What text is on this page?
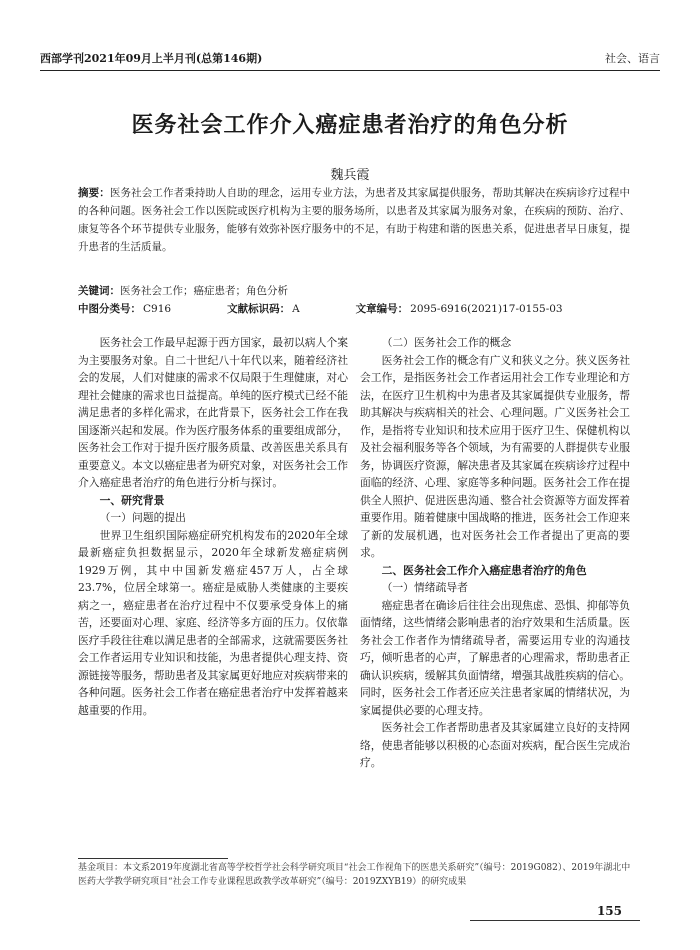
西部学刊2021年09月上半月刊(总第146期)	社会、语言
医务社会工作介入癌症患者治疗的角色分析
魏兵霞
摘要：医务社会工作者秉持助人自助的理念，运用专业方法，为患者及其家属提供服务，帮助其解决在疾病诊疗过程中的各种问题。医务社会工作以医院或医疗机构为主要的服务场所，以患者及其家属为服务对象，在疾病的预防、治疗、康复等各个环节提供专业服务，能够有效弥补医疗服务中的不足，有助于构建和谐的医患关系，促进患者早日康复，提升患者的生活质量。
关键词：医务社会工作；癌症患者；角色分析
中图分类号： C916	文献标识码： A	文章编号： 2095-6916(2021)17-0155-03

医务社会工作最早起源于西方国家，最初以病人个案为主要服务对象。自二十世纪八十年代以来，随着经济社会的发展，人们对健康的需求不仅局限于生理健康，对心理社会健康的需求也日益提高。单纯的医疗模式已经不能满足患者的多样化需求，在此背景下，医务社会工作在我国逐渐兴起和发展。作为医疗服务体系的重要组成部分，医务社会工作对于提升医疗服务质量、改善医患关系具有重要意义。本文以癌症患者为研究对象，对医务社会工作介入癌症患者治疗的角色进行分析与探讨。

一、研究背景

（一）问题的提出

世界卫生组织国际癌症研究机构发布的2020年全球最新癌症负担数据显示，2020年全球新发癌症病例1929万例，其中中国新发癌症457万人，占全球23.7%，位居全球第一。癌症是威胁人类健康的主要疾病之一，癌症患者在治疗过程中不仅要承受身体上的痛苦，还要面对心理、家庭、经济等多方面的压力。仅依靠医疗手段往往难以满足患者的全部需求，这就需要医务社会工作者运用专业知识和技能，为患者提供心理支持、资源链接等服务，帮助患者及其家属更好地应对疾病带来的各种问题。医务社会工作者在癌症患者治疗中发挥着越来越重要的作用。

（二）医务社会工作的概念

医务社会工作的概念有广义和狭义之分。狭义医务社会工作，是指医务社会工作者运用社会工作专业理论和方法，在医疗卫生机构中为患者及其家属提供专业服务，帮助其解决与疾病相关的社会、心理问题。广义医务社会工作，是指将专业知识和技术应用于医疗卫生、保健机构以及社会福利服务等各个领域，为有需要的人群提供专业服务，协调医疗资源，解决患者及其家属在疾病诊疗过程中面临的经济、心理、家庭等多种问题。医务社会工作在提供全人照护、促进医患沟通、整合社会资源等方面发挥着重要作用。随着健康中国战略的推进，医务社会工作迎来了新的发展机遇，也对医务社会工作者提出了更高的要求。

二、医务社会工作介入癌症患者治疗的角色

（一）情绪疏导者

癌症患者在确诊后往往会出现焦虑、恐惧、抑郁等负面情绪，这些情绪会影响患者的治疗效果和生活质量。医务社会工作者作为情绪疏导者，需要运用专业的沟通技巧，倾听患者的心声，了解患者的心理需求，帮助患者正确认识疾病，缓解其负面情绪，增强其战胜疾病的信心。同时，医务社会工作者还应关注患者家属的情绪状况，为家属提供必要的心理支持。

医务社会工作者帮助患者及其家属建立良好的支持网络，使患者能够以积极的心态面对疾病，配合医生完成治疗。

基金项目：本文系2019年度湖北省高等学校哲学社会科学研究项目“社会工作视角下的医患关系研究”（编号：2019G082）、2019年湖北中医药大学教学研究项目“社会工作专业课程思政教学改革研究”（编号：2019ZXYB19）的研究成果
155
